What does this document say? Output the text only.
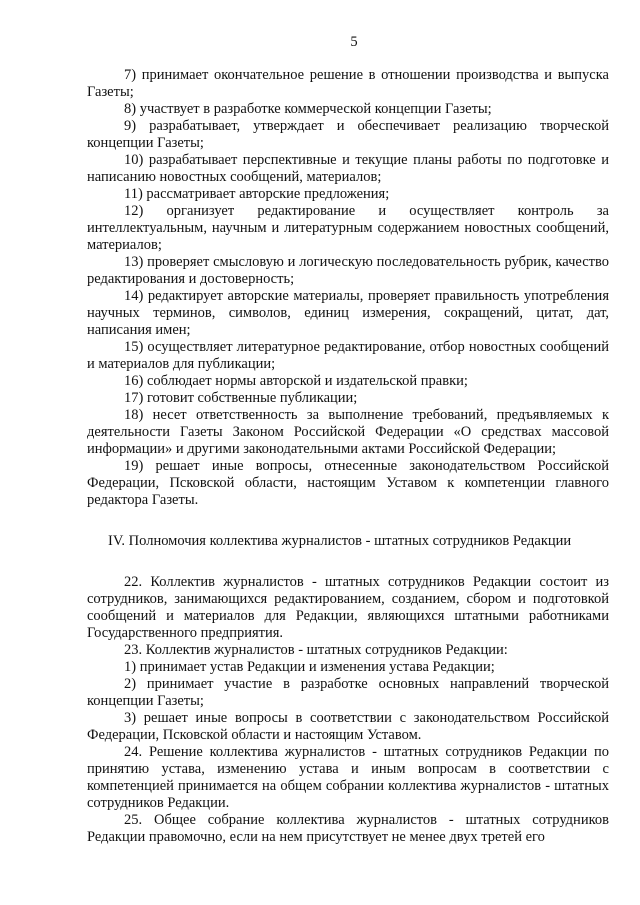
5

7) принимает окончательное решение в отношении производства и выпуска Газеты;

8) участвует в разработке коммерческой концепции Газеты;

9) разрабатывает, утверждает и обеспечивает реализацию творческой концепции Газеты;

10) разрабатывает перспективные и текущие планы работы по подготовке и написанию новостных сообщений, материалов;

11) рассматривает авторские предложения;

12) организует редактирование и осуществляет контроль за интеллектуальным, научным и литературным содержанием новостных сообщений, материалов;

13) проверяет смысловую и логическую последовательность рубрик, качество редактирования и достоверность;

14) редактирует авторские материалы, проверяет правильность употребления научных терминов, символов, единиц измерения, сокращений, цитат, дат, написания имен;

15) осуществляет литературное редактирование, отбор новостных сообщений и материалов для публикации;

16) соблюдает нормы авторской и издательской правки;

17) готовит собственные публикации;

18) несет ответственность за выполнение требований, предъявляемых к деятельности Газеты Законом Российской Федерации «О средствах массовой информации» и другими законодательными актами Российской Федерации;

19) решает иные вопросы, отнесенные законодательством Российской Федерации, Псковской области, настоящим Уставом к компетенции главного редактора Газеты.

IV. Полномочия коллектива журналистов - штатных сотрудников Редакции

22. Коллектив журналистов - штатных сотрудников Редакции состоит из сотрудников, занимающихся редактированием, созданием, сбором и подготовкой сообщений и материалов для Редакции, являющихся штатными работниками Государственного предприятия.

23. Коллектив журналистов - штатных сотрудников Редакции:

1) принимает устав Редакции и изменения устава Редакции;

2) принимает участие в разработке основных направлений творческой концепции Газеты;

3) решает иные вопросы в соответствии с законодательством Российской Федерации, Псковской области и настоящим Уставом.

24. Решение коллектива журналистов - штатных сотрудников Редакции по принятию устава, изменению устава и иным вопросам в соответствии с компетенцией принимается на общем собрании коллектива журналистов - штатных сотрудников Редакции.

25. Общее собрание коллектива журналистов - штатных сотрудников Редакции правомочно, если на нем присутствует не менее двух третей его
